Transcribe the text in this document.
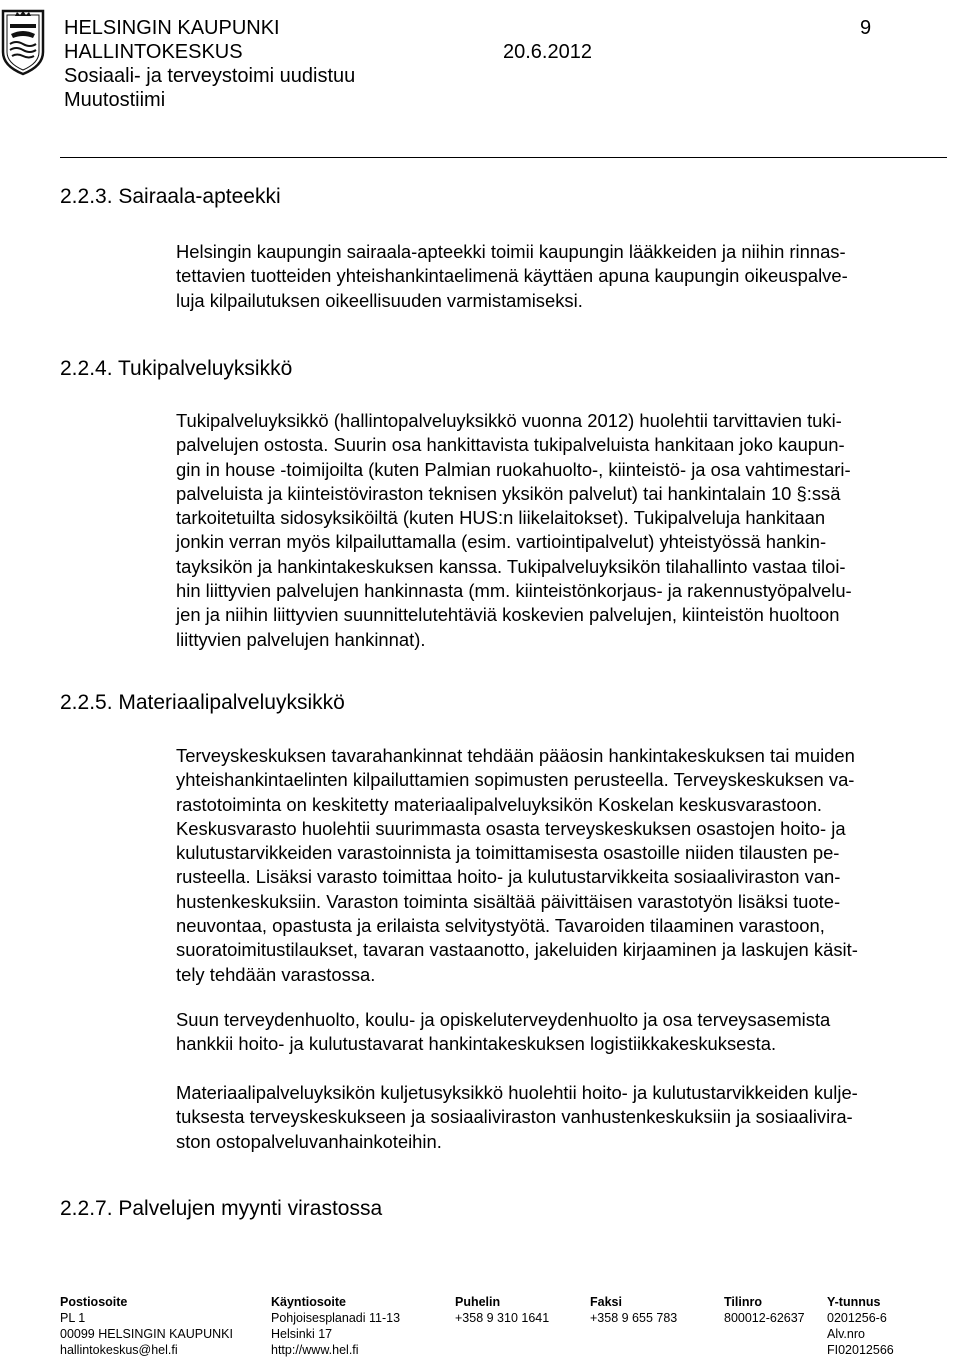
HELSINGIN KAUPUNKI
HALLINTOKESKUS	20.6.2012
9
Sosiaali- ja terveystoimi uudistuu
Muutostiimi
2.2.3. Sairaala-apteekki
Helsingin kaupungin sairaala-apteekki toimii kaupungin lääkkeiden ja niihin rinnas-
tettavien tuotteiden yhteishankintaelimenä käyttäen apuna kaupungin oikeuspalve-
luja kilpailutuksen oikeellisuuden varmistamiseksi.
2.2.4. Tukipalveluyksikkö
Tukipalveluyksikkö (hallintopalveluyksikkö vuonna 2012) huolehtii tarvittavien tuki-
palvelujen ostosta. Suurin osa hankittavista tukipalveluista hankitaan joko kaupun-
gin in house -toimijoilta (kuten Palmian ruokahuolto-, kiinteistö- ja osa vahtimestari-
palveluista ja kiinteistöviraston teknisen yksikön palvelut) tai hankintalain 10 §:ssä
tarkoitetuilta sidosyksiköiltä (kuten HUS:n liikelaitokset). Tukipalveluja hankitaan
jonkin verran myös kilpailuttamalla (esim. vartiointipalvelut) yhteistyössä hankin-
tayksikön ja hankintakeskuksen kanssa. Tukipalveluyksikön tilahallinto vastaa tiloi-
hin liittyvien palvelujen hankinnasta (mm. kiinteistönkorjaus- ja rakennustyöpalvelu-
jen ja niihin liittyvien suunnittelutehtäviä koskevien palvelujen, kiinteistön huoltoon
liittyvien palvelujen hankinnat).
2.2.5. Materiaalipalveluyksikkö
Terveyskeskuksen tavarahankinnat tehdään pääosin hankintakeskuksen tai muiden
yhteishankintaelinten kilpailuttamien sopimusten perusteella. Terveyskeskuksen va-
rastotoiminta on keskitetty materiaalipalveluyksikön Koskelan keskusvarastoon.
Keskusvarasto huolehtii suurimmasta osasta terveyskeskuksen osastojen hoito- ja
kulutustarvikkeiden varastoinnista ja toimittamisesta osastoille niiden tilausten pe-
rusteella. Lisäksi varasto toimittaa hoito- ja kulutustarvikkeita sosiaaliviraston van-
hustenkeskuksiin. Varaston toiminta sisältää päivittäisen varastotyön lisäksi tuote-
neuvontaa, opastusta ja erilaista selvitystyötä. Tavaroiden tilaaminen varastoon,
suoratoimitustilaukset, tavaran vastaanotto, jakeluiden kirjaaminen ja laskujen käsit-
tely tehdään varastossa.
Suun terveydenhuolto, koulu- ja opiskeluterveydenhuolto ja osa terveysasemista
hankkii hoito- ja kulutustavarat hankintakeskuksen logistiikkakeskuksesta.
Materiaalipalveluyksikön kuljetusyksikkö huolehtii hoito- ja kulutustarvikkeiden kulje-
tuksesta terveyskeskukseen ja sosiaaliviraston vanhustenkeskuksiin ja sosiaalivira-
ston ostopalveluvanhainkoteihin.
2.2.7. Palvelujen myynti virastossa
Postiosoite
PL 1
00099 HELSINGIN KAUPUNKI
hallintokeskus@hel.fi
Käyntiosoite
Pohjoisesplanadi 11-13
Helsinki 17
http://www.hel.fi
Puhelin
+358 9 310 1641
Faksi
+358 9 655 783
Tilinro
800012-62637
Y-tunnus
0201256-6
Alv.nro
FI02012566
